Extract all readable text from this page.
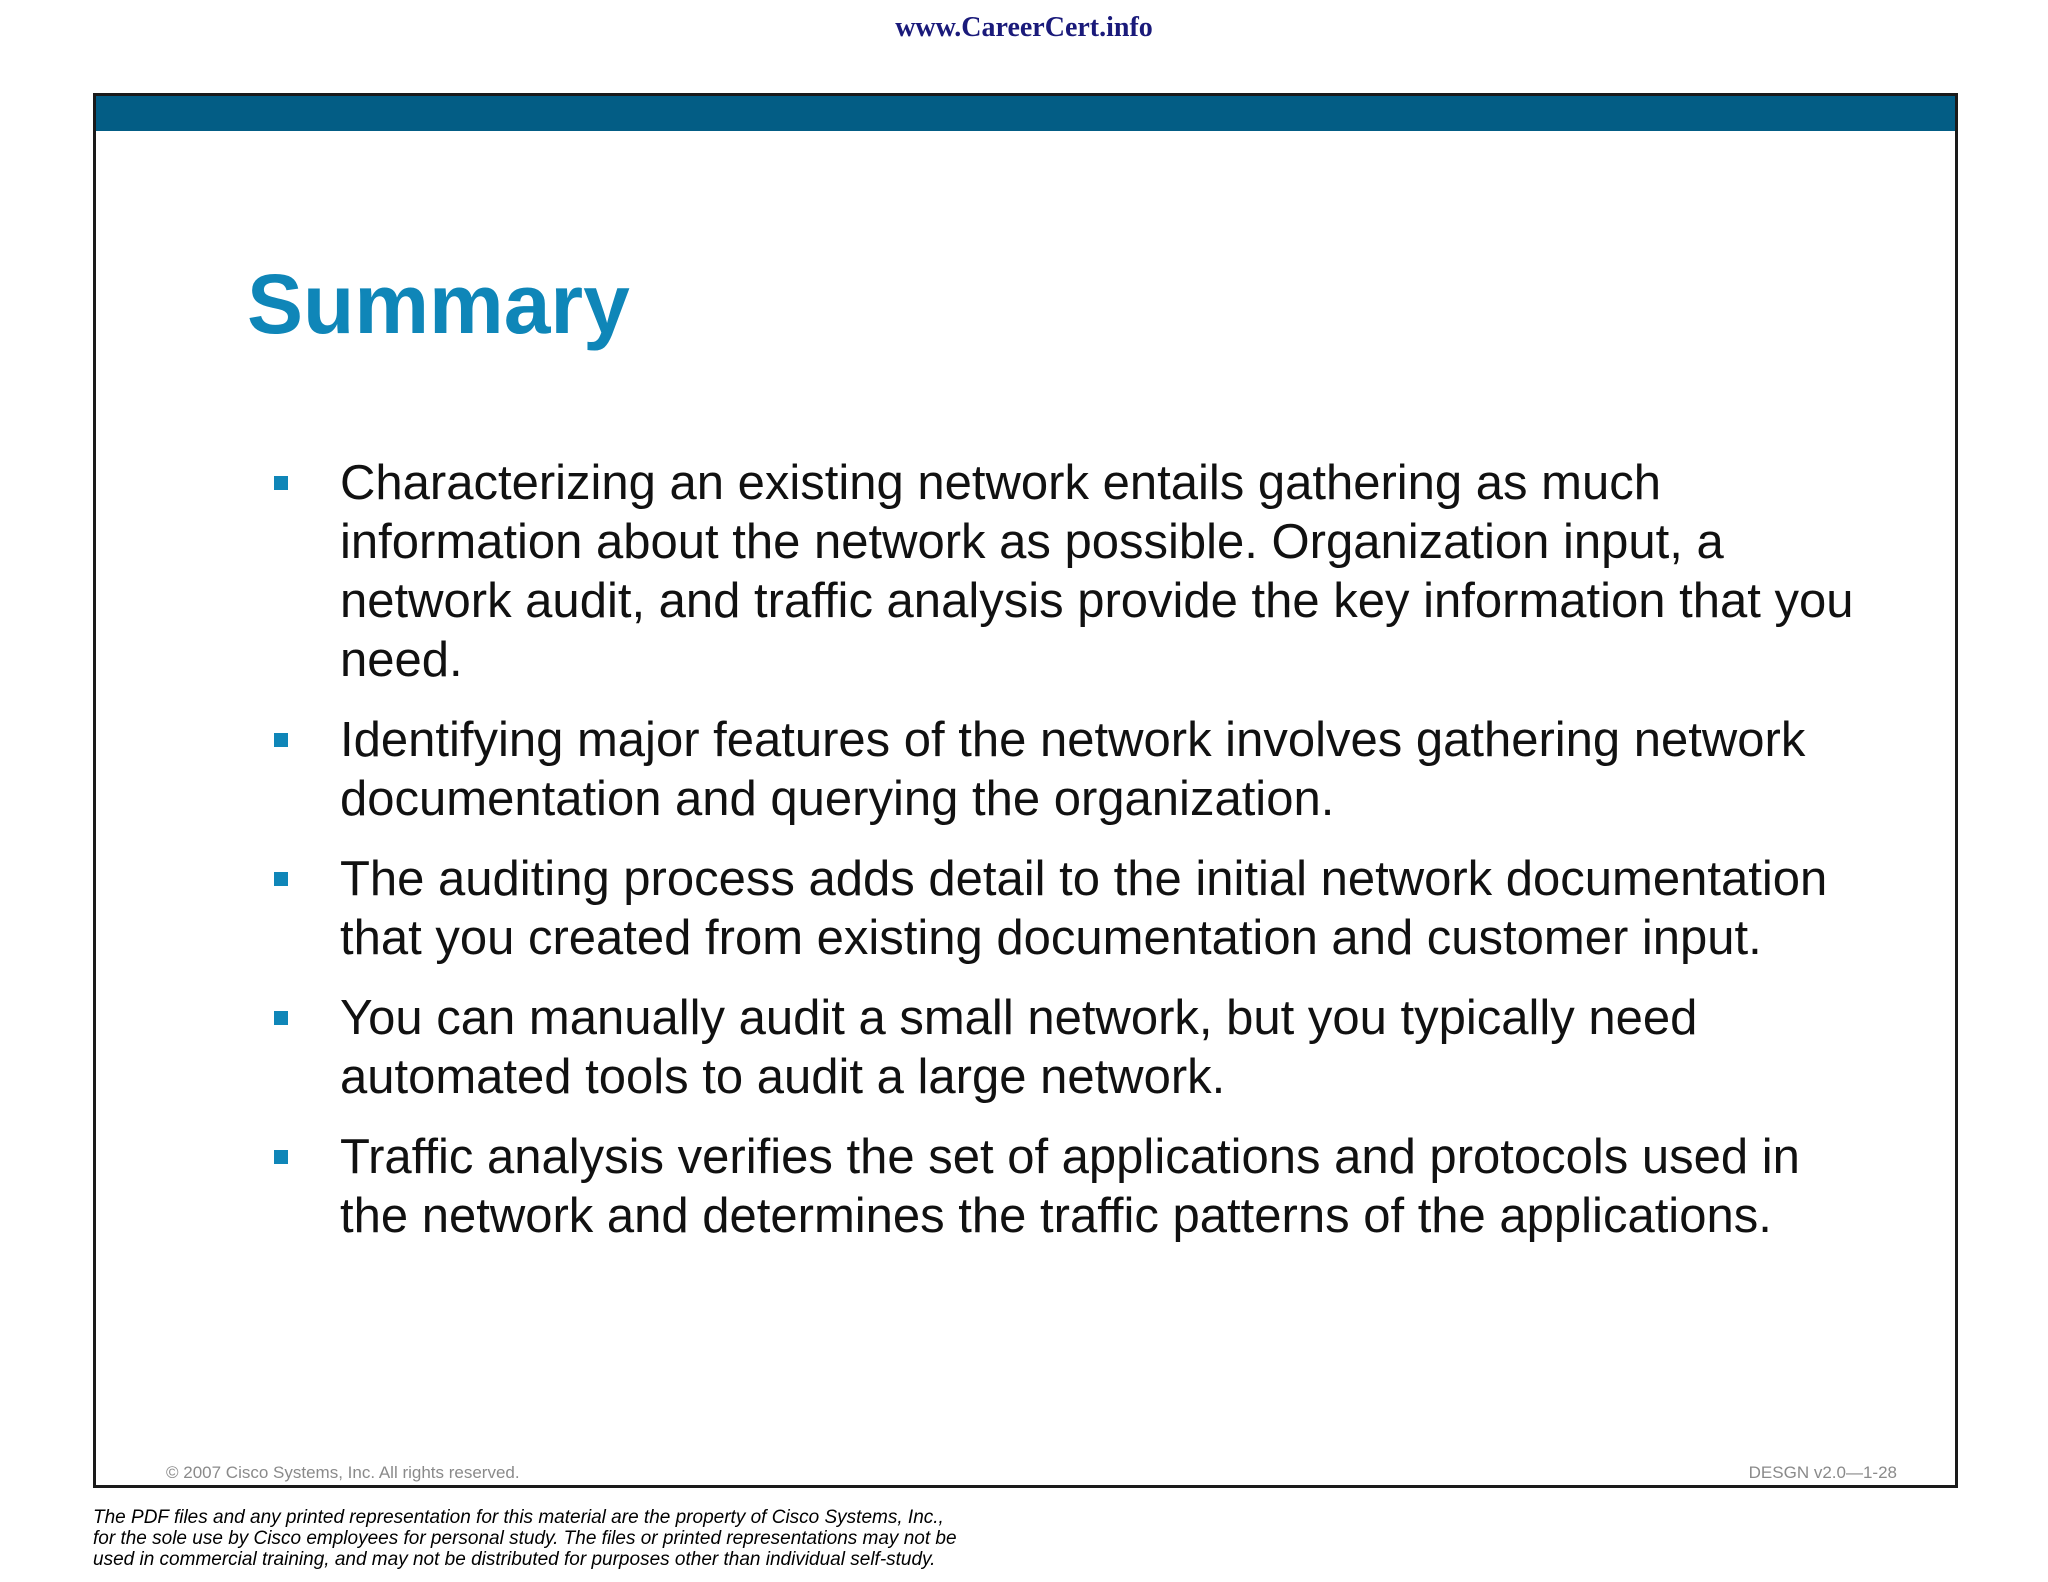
www.CareerCert.info
Summary
Characterizing an existing network entails gathering as much information about the network as possible. Organization input, a network audit, and traffic analysis provide the key information that you need.
Identifying major features of the network involves gathering network documentation and querying the organization.
The auditing process adds detail to the initial network documentation that you created from existing documentation and customer input.
You can manually audit a small network, but you typically need automated tools to audit a large network.
Traffic analysis verifies the set of applications and protocols used in the network and determines the traffic patterns of the applications.
© 2007 Cisco Systems, Inc. All rights reserved.	DESGN v2.0—1-28
The PDF files and any printed representation for this material are the property of Cisco Systems, Inc.,
for the sole use by Cisco employees for personal study. The files or printed representations may not be
used in commercial training, and may not be distributed for purposes other than individual self-study.
